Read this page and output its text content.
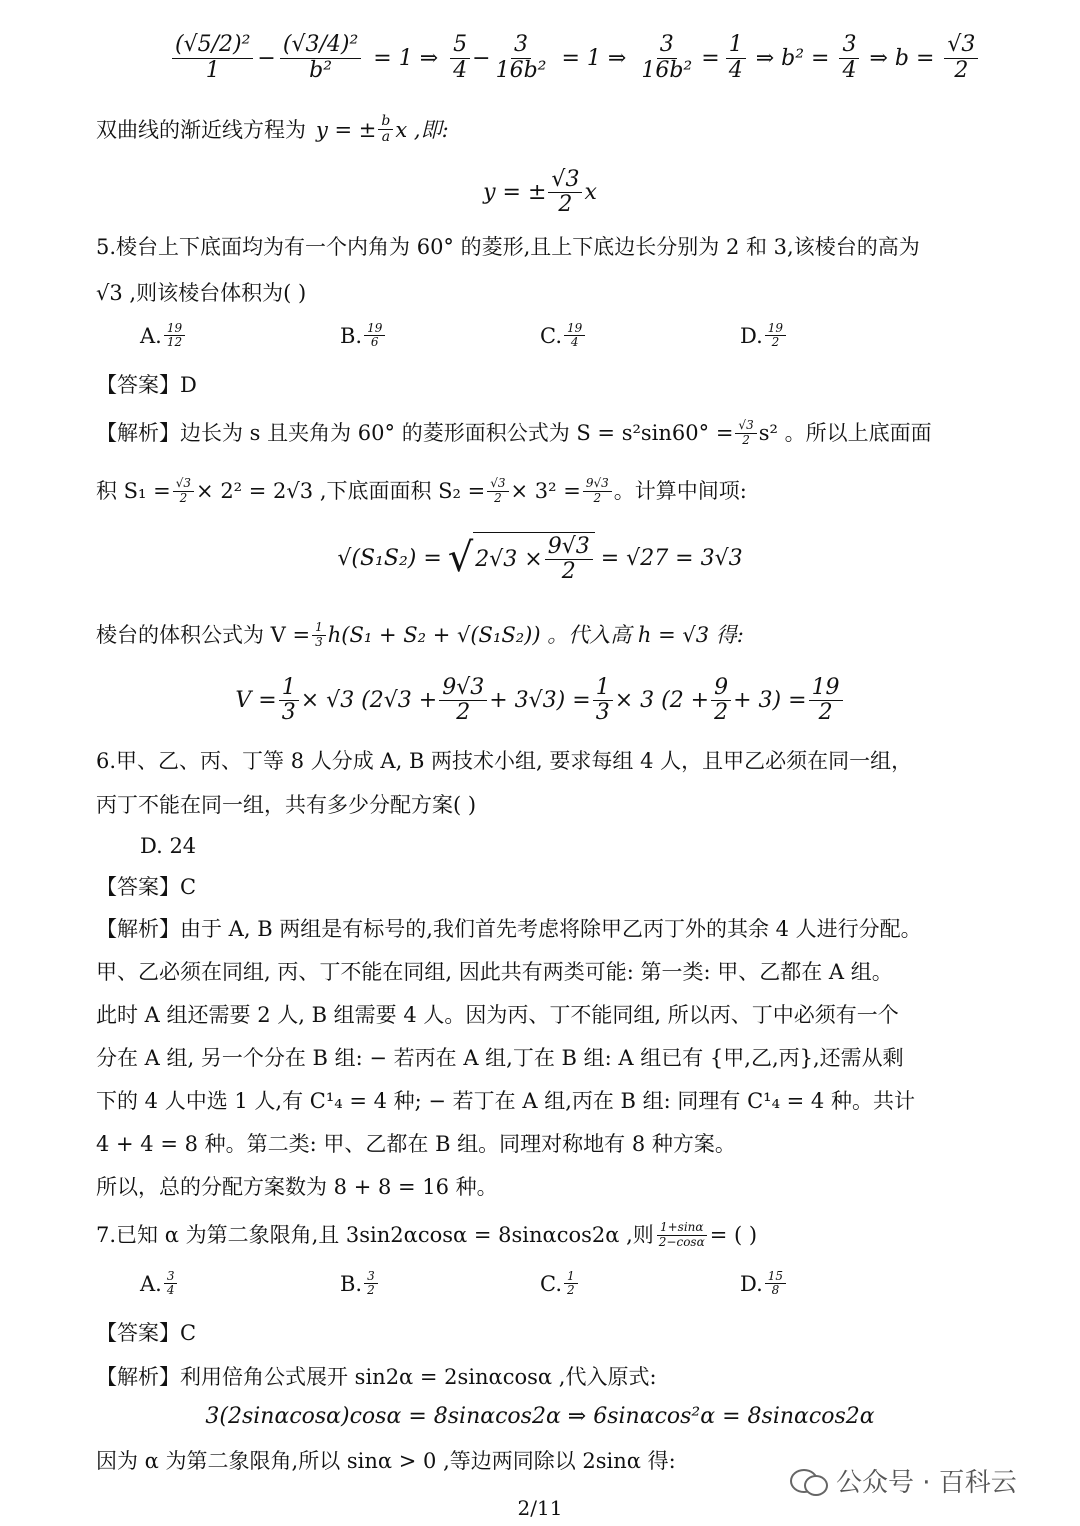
$\frac{\text{(√5/2)²}}{1} - \frac{\text{(√3/4)²}}{\text{b²}} = 1$ ⇒ $\frac{5}{4} - \frac{3}{\text{16b²}} = 1$ ⇒ $\frac{3}{\text{16b²}} = \frac{1}{4}$ ⇒ $b^2 = \frac{3}{4}$ ⇒ $b = \frac{√3}{2}$
双曲线的渐近线方程为 y = ± $\frac{b}{a}$ x ,即:
y = ± $\frac{√3}{2}$ x
5.棱台上下底面均为有一个内角为 60° 的菱形,且上下底边长分别为 2 和 3,该棱台的高为
√3 ,则该棱台体积为( )
A. $\frac{19}{12}$	B. $\frac{19}{6}$	C. $\frac{19}{4}$	D. $\frac{19}{2}$
【答案】D
【解析】边长为 s 且夹角为 60° 的菱形面积公式为 $S = s^2\sin 60^\circ = \frac{√3}{2} s^2$ 。所以上底面面
积 $S_1 = \frac{√3}{2} \times 2^2 = 2√3$ ,下底面面积 $S_2 = \frac{√3}{2} \times 3^2 = \frac{9√3}{2}$ 。计算中间项:
√(S₁S₂) = √ $2√3 \times \frac{9√3}{2} = √27 = 3√3$
棱台的体积公式为 $V = \frac{1}{3} h(S_1 + S_2 + √(S_1S_2))$ 。代入高 h = √3 得:
$V = \frac{1}{3} \times √3$ $(2√3 + \frac{9√3}{2} + 3√3) = \frac{1}{3} \times 3$ $(2 + \frac{9}{2} + 3) = \frac{19}{2}$
6.甲、乙、丙、丁等 8 人分成 A, B 两技术小组, 要求每组 4 人，且甲乙必须在同一组，
丙丁不能在同一组，共有多少分配方案( )
D. 24
【答案】C
【解析】由于 A, B 两组是有标号的,我们首先考虑将除甲乙丙丁外的其余 4 人进行分配。
甲、乙必须在同组, 丙、丁不能在同组, 因此共有两类可能: 第一类: 甲、乙都在 A 组。
此时 A 组还需要 2 人, B 组需要 4 人。因为丙、丁不能同组, 所以丙、丁中必须有一个
分在 A 组, 另一个分在 B 组: − 若丙在 A 组,丁在 B 组: A 组已有 {甲,乙,丙},还需从剩
下的 4 人中选 1 人,有 C¹₄ = 4 种; − 若丁在 A 组,丙在 B 组: 同理有 C¹₄ = 4 种。共计
4 + 4 = 8 种。第二类: 甲、乙都在 B 组。同理对称地有 8 种方案。
所以，总的分配方案数为 8 + 8 = 16 种。
7.已知 α 为第二象限角,且 3sin2αcosα = 8sinαcos2α ,则 $\frac{1+\sin\alpha}{2-\cos\alpha}$ = ( )
A. $\frac{3}{4}$	B. $\frac{3}{2}$	C. $\frac{1}{2}$	D. $\frac{15}{8}$
【答案】C
【解析】利用倍角公式展开 sin2α = 2sinαcosα ,代入原式:
3(2sinαcosα)cosα = 8sinαcos2α ⇒ 6sinαcos²α = 8sinαcos2α
因为 α 为第二象限角,所以 sinα > 0 ,等边两同除以 2sinα 得:
公众号 · 百科云
2/11
